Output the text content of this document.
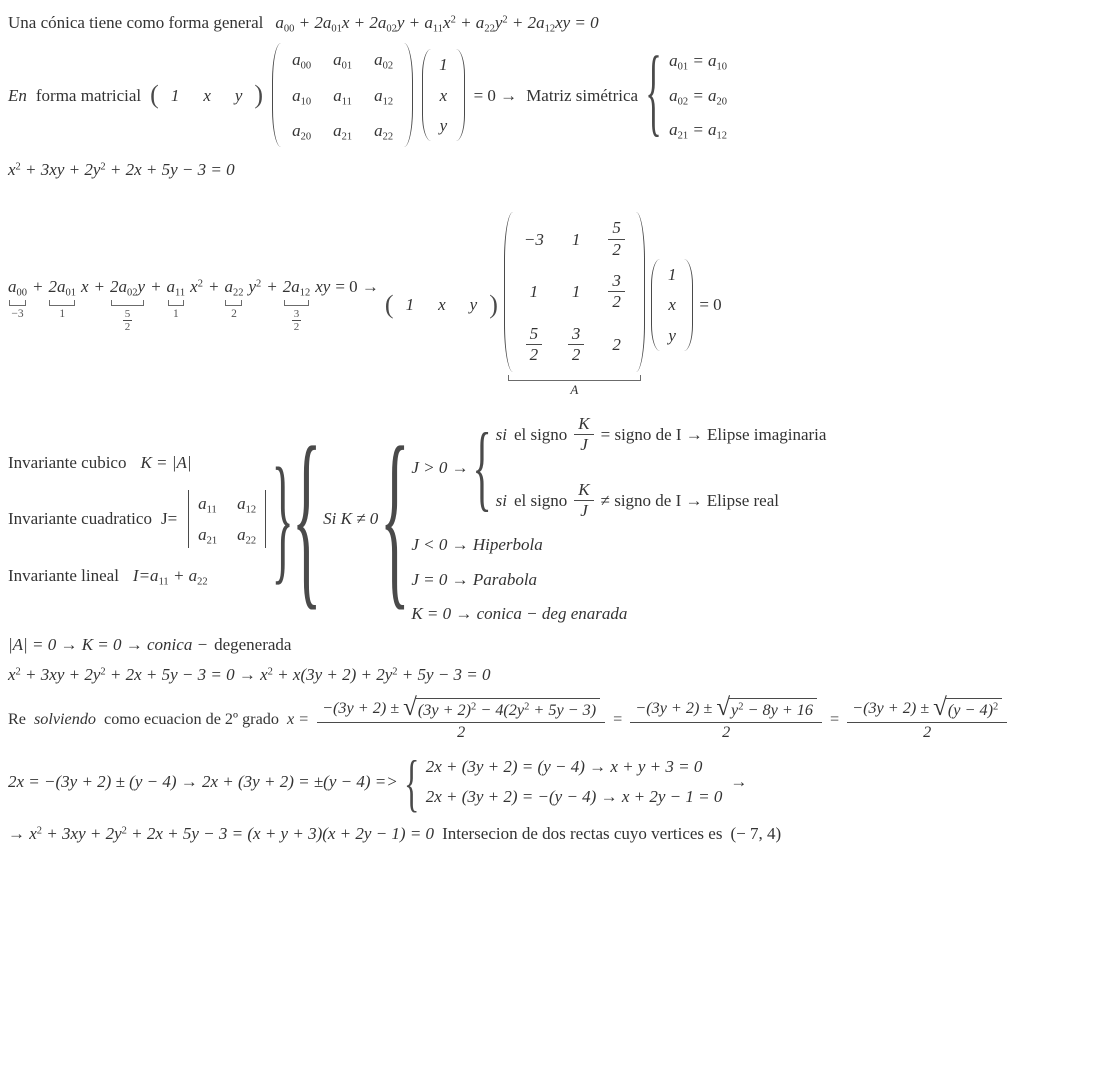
Una cónica tiene como forma general $a_{00} + 2a_{01}x + 2a_{02}y + a_{11}x^2 + a_{22}y^2 + 2a_{12}xy = 0$
En forma matricial ( 1 x y )
$a_{00}$ $a_{01}$ $a_{02}$
$a_{10}$ $a_{11}$ $a_{12}$
$a_{20}$ $a_{21}$ $a_{22}$
1
x
y
= 0 → Matriz simétrica { $a_{01} = a_{10}$
$a_{02} = a_{20}$
$a_{21} = a_{12}$
$x^2 + 3xy + 2y^2 + 2x + 5y - 3 = 0$
$a_{00}$
−3
+ $2a_{01}$
1
$x + 2a_{02}y$
$\frac{5}{2}$
+ $a_{11}$
1
$x^2 + a_{22}$
2
$y^2 + 2a_{12}$
$\frac{3}{2}$
xy = 0 →
( 1 x y )
−3 1
5
2
1 1
3
2
5
2
3
2
2
A
1
x
y
= 0
Invariante cubico K = |A|
Invariante cuadratico J=
$a_{11}$ $a_{12}$
$a_{21}$ $a_{22}$
Invariante lineal $I=a_{11} + a_{22}$ }
{ Si K ≠ 0 { J > 0 → { si el signo $\frac{K}{J}$ = signo de I → Elipse imaginaria
si el signo
K
J
≠ signo de I → Elipse real
J < 0 → Hiperbola
J = 0 → Parabola
K = 0 → conica − deg enarada
|A| = 0 → K = 0 → conica − degenerada
$x^2 + 3xy + 2y^2 + 2x + 5y - 3 = 0 \to x^2 + x(3y + 2) + 2y^2 + 5y - 3 = 0$
Re solviendo como ecuacion de 2º grado $x = \frac{-(3y + 2) \pm √ (3y + 2)^2 - 4(2y^2 + 5y - 3)}{2} = \frac{-(3y + 2) \pm √ y^2 - 8y + 16}{2} = \frac{-(3y + 2) \pm √ (y - 4)^2}{2}$
2x = −(3y + 2) ± (y − 4) → 2x + (3y + 2) = ±(y − 4) => { 2x + (3y + 2) = (y − 4) → x + y + 3 = 0
2x + (3y + 2) = −(y − 4) → x + 2y − 1 = 0
→
→ $x^2 + 3xy + 2y^2 + 2x + 5y - 3 = (x + y + 3)(x + 2y - 1) = 0$ Intersecion de dos rectas cuyo vertices es (− 7, 4)
